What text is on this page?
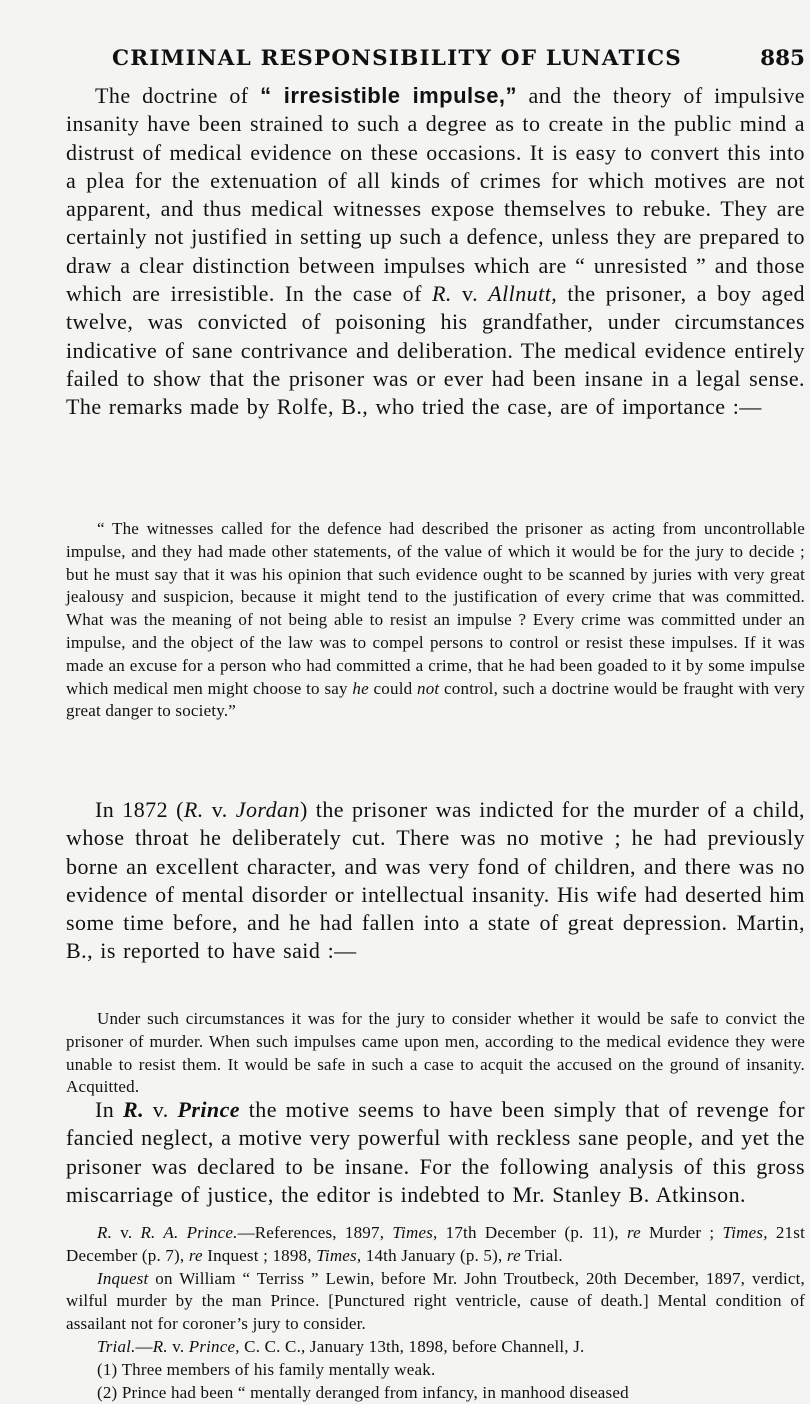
CRIMINAL RESPONSIBILITY OF LUNATICS	885

The doctrine of “ irresistible impulse,” and the theory of impulsive insanity have been strained to such a degree as to create in the public mind a distrust of medical evidence on these occasions. It is easy to convert this into a plea for the extenuation of all kinds of crimes for which motives are not apparent, and thus medical witnesses expose themselves to rebuke. They are certainly not justified in setting up such a defence, unless they are prepared to draw a clear distinction between impulses which are “ unresisted ” and those which are irresistible. In the case of R. v. Allnutt, the prisoner, a boy aged twelve, was convicted of poisoning his grandfather, under circumstances indicative of sane contrivance and deliberation. The medical evidence entirely failed to show that the prisoner was or ever had been insane in a legal sense. The remarks made by Rolfe, B., who tried the case, are of importance :—

“ The witnesses called for the defence had described the prisoner as acting from uncontrollable impulse, and they had made other statements, of the value of which it would be for the jury to decide ; but he must say that it was his opinion that such evidence ought to be scanned by juries with very great jealousy and suspicion, because it might tend to the justification of every crime that was committed. What was the meaning of not being able to resist an impulse ? Every crime was committed under an impulse, and the object of the law was to compel persons to control or resist these impulses. If it was made an excuse for a person who had committed a crime, that he had been goaded to it by some impulse which medical men might choose to say he could not control, such a doctrine would be fraught with very great danger to society.”

In 1872 (R. v. Jordan) the prisoner was indicted for the murder of a child, whose throat he deliberately cut. There was no motive ; he had previously borne an excellent character, and was very fond of children, and there was no evidence of mental disorder or intellectual insanity. His wife had deserted him some time before, and he had fallen into a state of great depression. Martin, B., is reported to have said :—

Under such circumstances it was for the jury to consider whether it would be safe to convict the prisoner of murder. When such impulses came upon men, according to the medical evidence they were unable to resist them. It would be safe in such a case to acquit the accused on the ground of insanity. Acquitted.

In R. v. Prince the motive seems to have been simply that of revenge for fancied neglect, a motive very powerful with reckless sane people, and yet the prisoner was declared to be insane. For the following analysis of this gross miscarriage of justice, the editor is indebted to Mr. Stanley B. Atkinson.

R. v. R. A. Prince.—References, 1897, Times, 17th December (p. 11), re Murder ; Times, 21st December (p. 7), re Inquest ; 1898, Times, 14th January (p. 5), re Trial.

Inquest on William “ Terriss ” Lewin, before Mr. John Troutbeck, 20th December, 1897, verdict, wilful murder by the man Prince. [Punctured right ventricle, cause of death.] Mental condition of assailant not for coroner’s jury to consider.

Trial.—R. v. Prince, C. C. C., January 13th, 1898, before Channell, J.

(1) Three members of his family mentally weak.

(2) Prince had been “ mentally deranged from infancy, in manhood diseased
